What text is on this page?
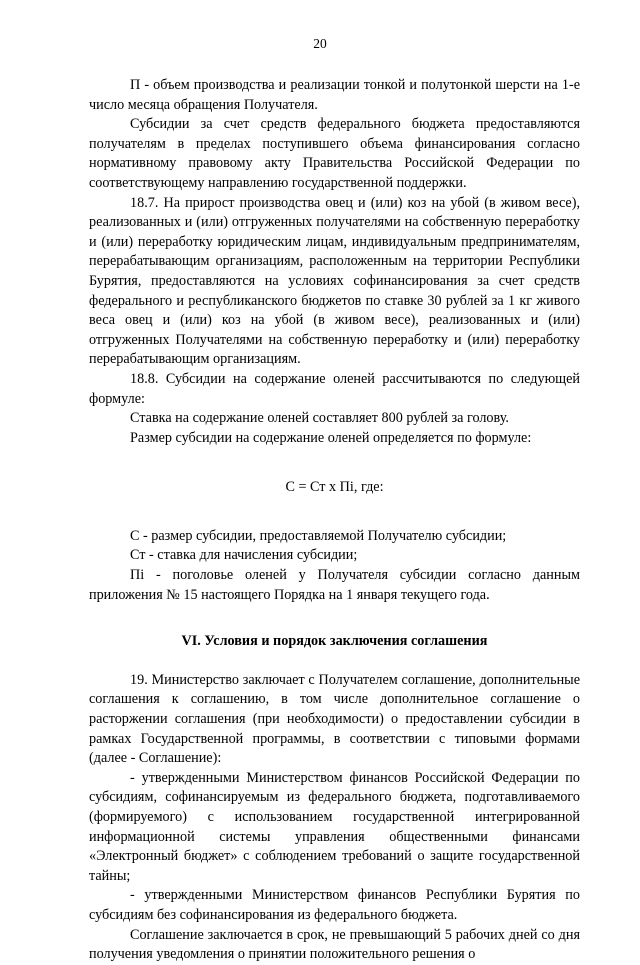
20

П - объем производства и реализации тонкой и полутонкой шерсти на 1-е число месяца обращения Получателя.

Субсидии за счет средств федерального бюджета предоставляются получателям в пределах поступившего объема финансирования согласно нормативному правовому акту Правительства Российской Федерации по соответствующему направлению государственной поддержки.

18.7. На прирост производства овец и (или) коз на убой (в живом весе), реализованных и (или) отгруженных получателями на собственную переработку и (или) переработку юридическим лицам, индивидуальным предпринимателям, перерабатывающим организациям, расположенным на территории Республики Бурятия, предоставляются на условиях софинансирования за счет средств федерального и республиканского бюджетов по ставке 30 рублей за 1 кг живого веса овец и (или) коз на убой (в живом весе), реализованных и (или) отгруженных Получателями на собственную переработку и (или) переработку перерабатывающим организациям.

18.8. Субсидии на содержание оленей рассчитываются по следующей формуле:

Ставка на содержание оленей составляет 800 рублей за голову.

Размер субсидии на содержание оленей определяется по формуле:

С = Ст x Пi, где:

С - размер субсидии, предоставляемой Получателю субсидии;

Ст - ставка для начисления субсидии;

Пi - поголовье оленей у Получателя субсидии согласно данным приложения № 15 настоящего Порядка на 1 января текущего года.

VI. Условия и порядок заключения соглашения

19. Министерство заключает с Получателем соглашение, дополнительные соглашения к соглашению, в том числе дополнительное соглашение о расторжении соглашения (при необходимости) о предоставлении субсидии в рамках Государственной программы, в соответствии с типовыми формами (далее - Соглашение):

- утвержденными Министерством финансов Российской Федерации по субсидиям, софинансируемым из федерального бюджета, подготавливаемого (формируемого) с использованием государственной интегрированной информационной системы управления общественными финансами «Электронный бюджет» с соблюдением требований о защите государственной тайны;

- утвержденными Министерством финансов Республики Бурятия по субсидиям без софинансирования из федерального бюджета.

Соглашение заключается в срок, не превышающий 5 рабочих дней со дня получения уведомления о принятии положительного решения о
